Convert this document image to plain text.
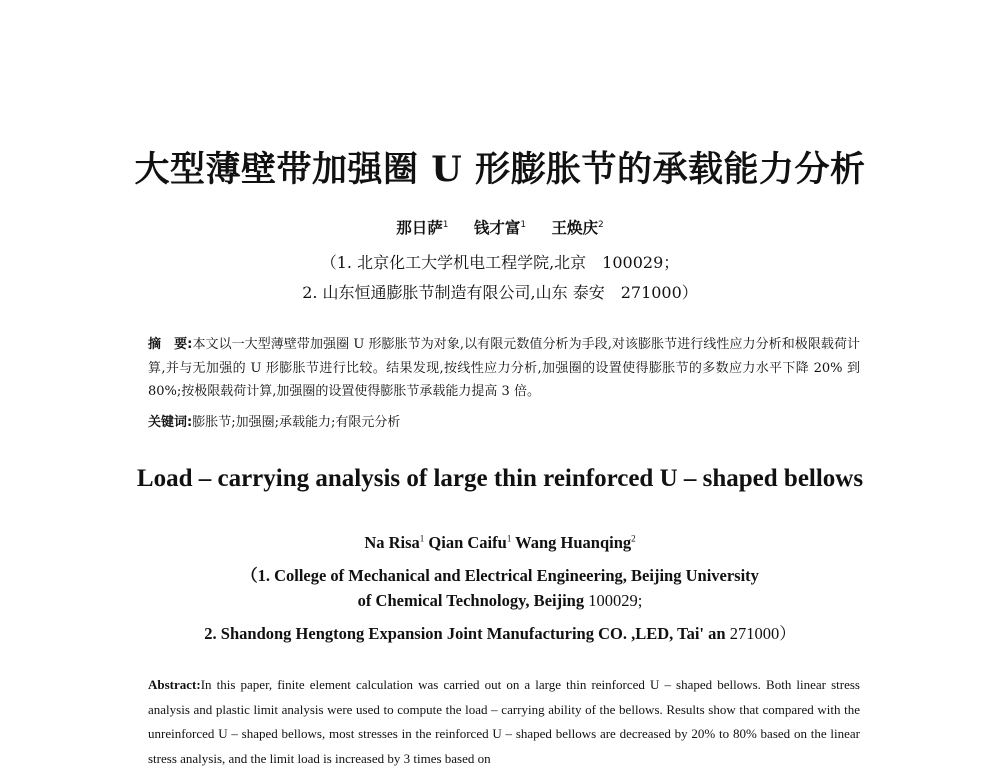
大型薄壁带加强圈 U 形膨胀节的承载能力分析
那日萨$^1$ 钱才富$^1$ 王焕庆$^2$
（1. 北京化工大学机电工程学院,北京　100029；
2. 山东恒通膨胀节制造有限公司,山东 泰安　271000）
摘　要:本文以一大型薄壁带加强圈 U 形膨胀节为对象,以有限元数值分析为手段,对该膨胀节进行线性应力分析和极限载荷计算,并与无加强的 U 形膨胀节进行比较。结果发现,按线性应力分析,加强圈的设置使得膨胀节的多数应力水平下降 20% 到 80%;按极限载荷计算,加强圈的设置使得膨胀节承载能力提高 3 倍。
关键词:膨胀节;加强圈;承载能力;有限元分析
Load – carrying analysis of large thin reinforced U – shaped bellows
Na Risa$^1$ Qian Caifu$^1$ Wang Huanqing$^2$
（1. College of Mechanical and Electrical Engineering, Beijing University
of Chemical Technology, Beijing 100029;
2. Shandong Hengtong Expansion Joint Manufacturing CO. ,LED, Tai' an 271000）
Abstract:In this paper, finite element calculation was carried out on a large thin reinforced U – shaped bellows. Both linear stress analysis and plastic limit analysis were used to compute the load – carrying ability of the bellows. Results show that compared with the unreinforced U – shaped bellows, most stresses in the reinforced U – shaped bellows are decreased by 20% to 80% based on the linear stress analysis, and the limit load is increased by 3 times based on
